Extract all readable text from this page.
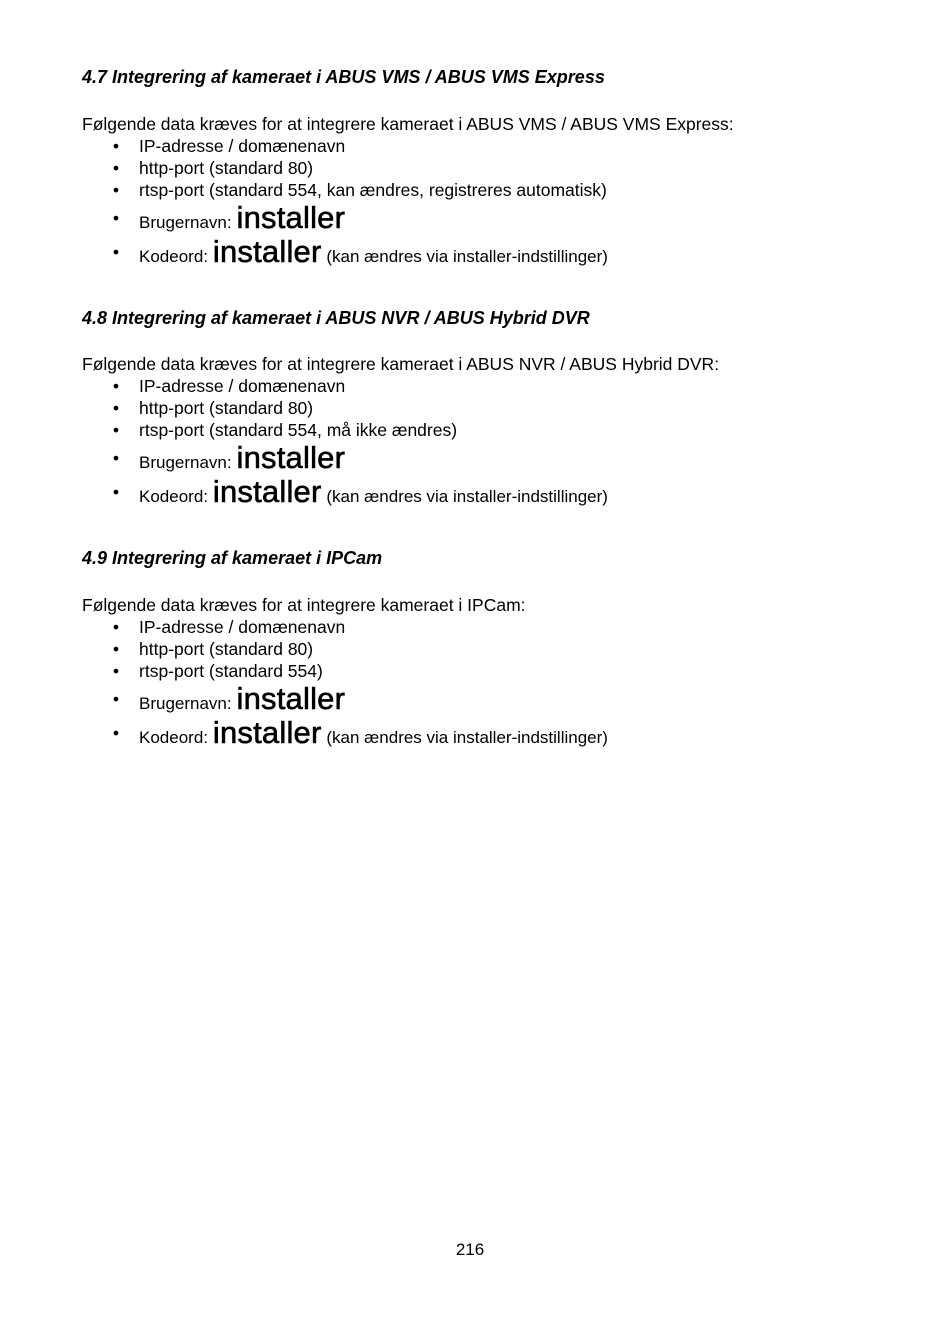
4.7 Integrering af kameraet i ABUS VMS / ABUS VMS Express

Følgende data kræves for at integrere kameraet i ABUS VMS / ABUS VMS Express:

• IP-adresse / domænenavn
• http-port (standard 80)
• rtsp-port (standard 554, kan ændres, registreres automatisk)
• Brugernavn: installer
• Kodeord: installer (kan ændres via installer-indstillinger)
4.8 Integrering af kameraet i ABUS NVR / ABUS Hybrid DVR

Følgende data kræves for at integrere kameraet i ABUS NVR / ABUS Hybrid DVR:

• IP-adresse / domænenavn
• http-port (standard 80)
• rtsp-port (standard 554, må ikke ændres)
• Brugernavn: installer
• Kodeord: installer (kan ændres via installer-indstillinger)
4.9 Integrering af kameraet i IPCam

Følgende data kræves for at integrere kameraet i IPCam:

• IP-adresse / domænenavn
• http-port (standard 80)
• rtsp-port (standard 554)
• Brugernavn: installer
• Kodeord: installer (kan ændres via installer-indstillinger)
216
